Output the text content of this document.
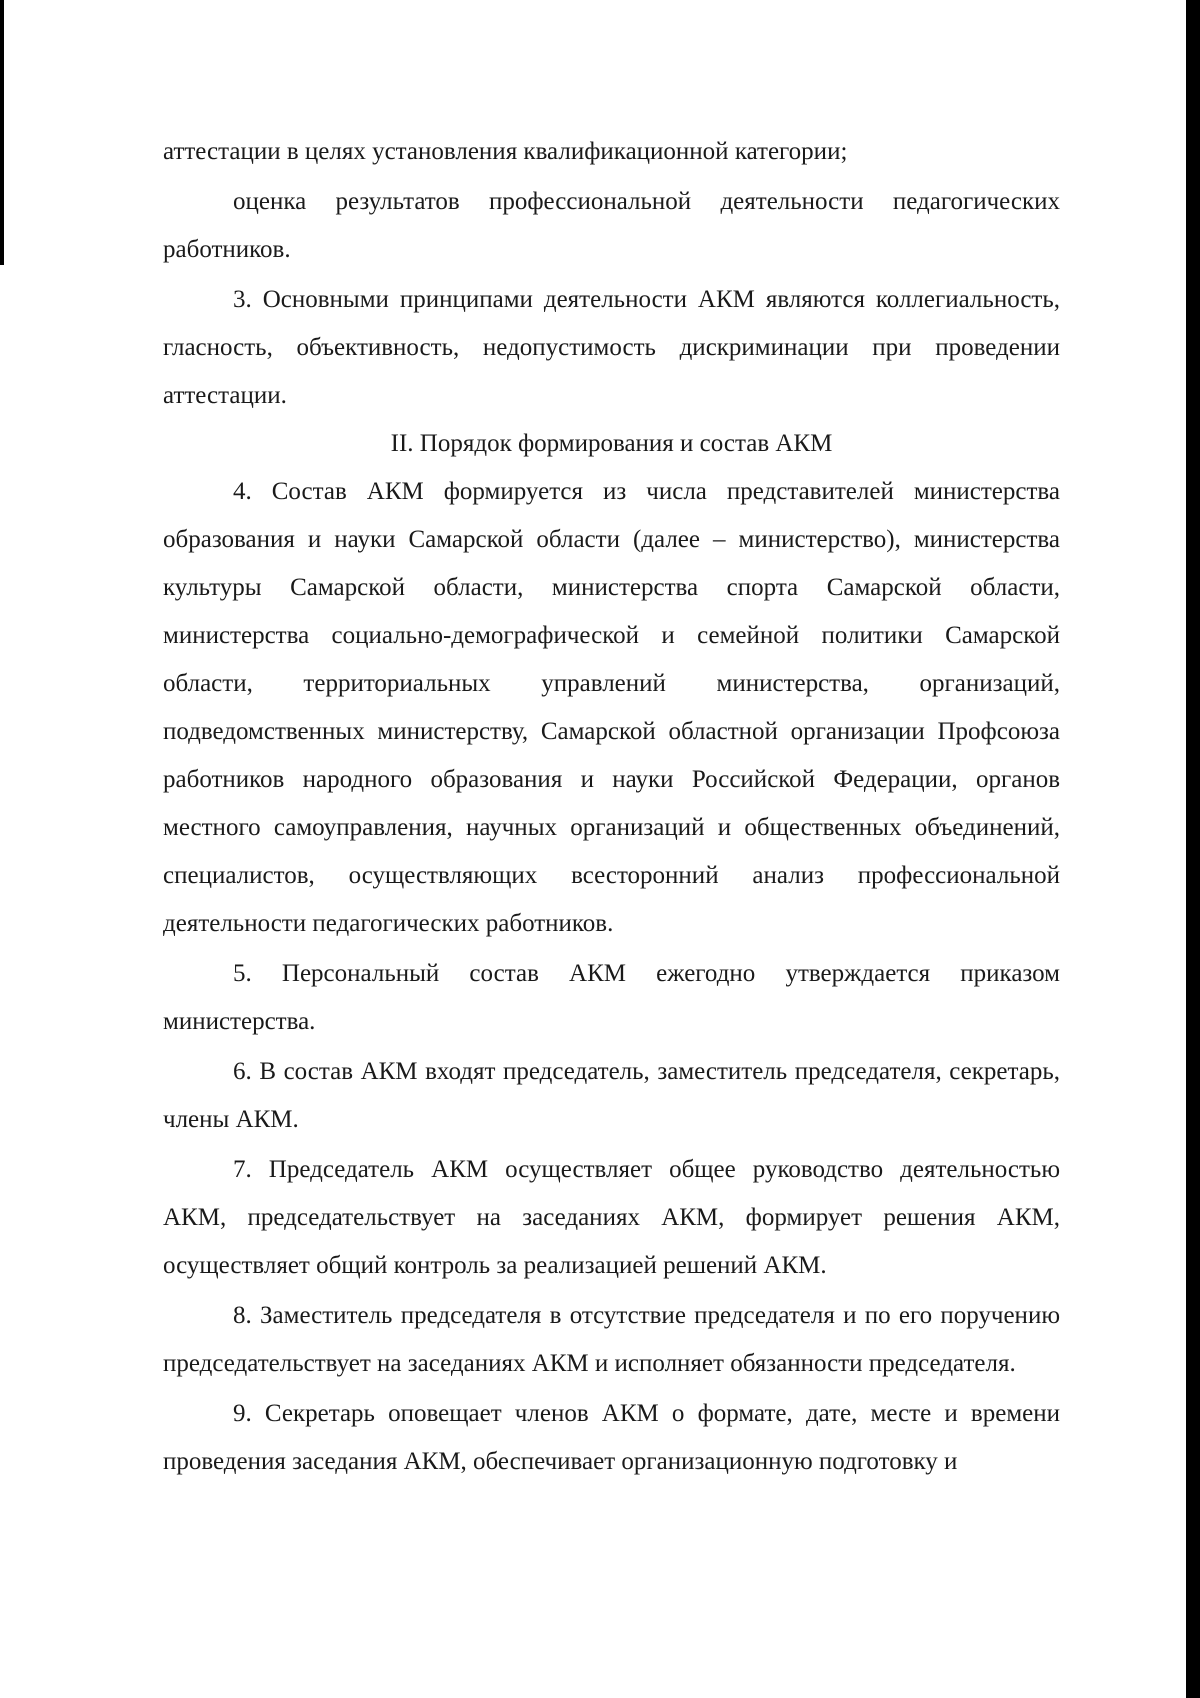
аттестации в целях установления квалификационной категории;

оценка результатов профессиональной деятельности педагогических работников.

3. Основными принципами деятельности АКМ являются коллегиальность, гласность, объективность, недопустимость дискриминации при проведении аттестации.

II. Порядок формирования и состав АКМ

4. Состав АКМ формируется из числа представителей министерства образования и науки Самарской области (далее – министерство), министерства культуры Самарской области, министерства спорта Самарской области, министерства социально-демографической и семейной политики Самарской области, территориальных управлений министерства, организаций, подведомственных министерству, Самарской областной организации Профсоюза работников народного образования и науки Российской Федерации, органов местного самоуправления, научных организаций и общественных объединений, специалистов, осуществляющих всесторонний анализ профессиональной деятельности педагогических работников.

5. Персональный состав АКМ ежегодно утверждается приказом министерства.

6. В состав АКМ входят председатель, заместитель председателя, секретарь, члены АКМ.

7. Председатель АКМ осуществляет общее руководство деятельностью АКМ, председательствует на заседаниях АКМ, формирует решения АКМ, осуществляет общий контроль за реализацией решений АКМ.

8. Заместитель председателя в отсутствие председателя и по его поручению председательствует на заседаниях АКМ и исполняет обязанности председателя.

9. Секретарь оповещает членов АКМ о формате, дате, месте и времени проведения заседания АКМ, обеспечивает организационную подготовку и
